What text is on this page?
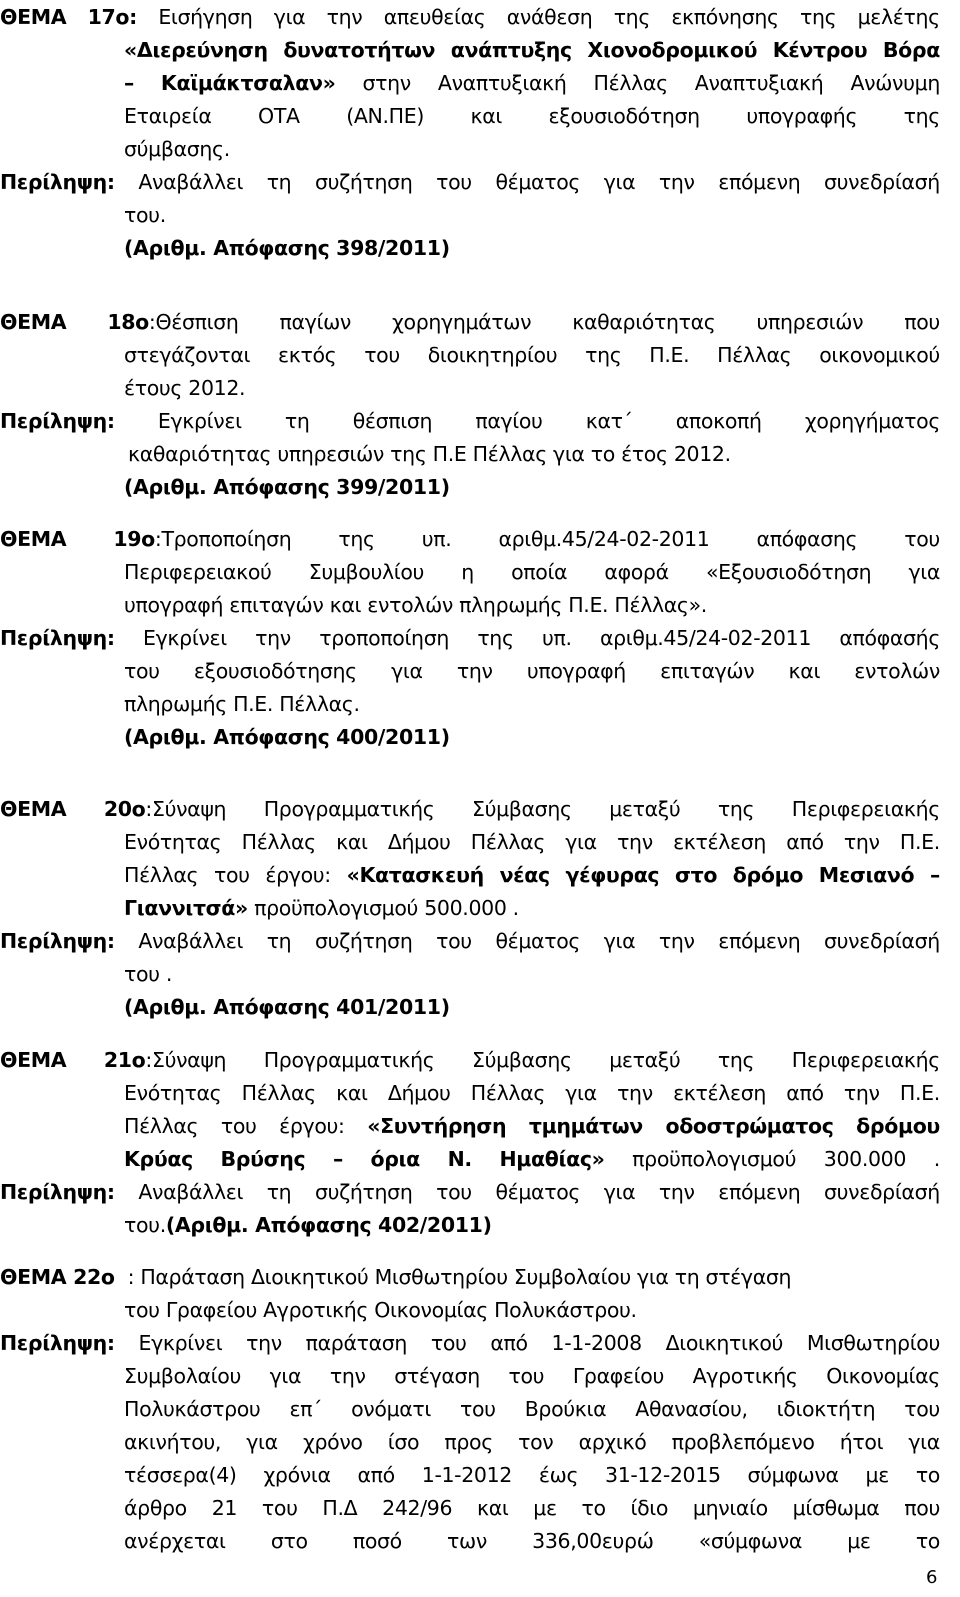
6
ΘΕΜΑ 17ο: Εισήγηση για την απευθείας ανάθεση της εκπόνησης της μελέτης
«Διερεύνηση δυνατοτήτων ανάπτυξης Χιονοδρομικού Κέντρου Βόρα
– Καϊμάκτσαλαν» στην Αναπτυξιακή Πέλλας Αναπτυξιακή Ανώνυμη
Εταιρεία ΟΤΑ (ΑΝ.ΠΕ) και εξουσιοδότηση υπογραφής της
σύμβασης.
Περίληψη: Αναβάλλει τη συζήτηση του θέματος για την επόμενη συνεδρίασή
του.
(Αριθμ. Απόφασης 398/2011)
ΘΕΜΑ 18ο:Θέσπιση παγίων χορηγημάτων καθαριότητας υπηρεσιών που
στεγάζονται εκτός του διοικητηρίου της Π.Ε. Πέλλας οικονομικού
έτους 2012.
Περίληψη: Εγκρίνει τη θέσπιση παγίου κατ΄ αποκοπή χορηγήματος
καθαριότητας υπηρεσιών της Π.Ε Πέλλας για το έτος 2012.
(Αριθμ. Απόφασης 399/2011)
ΘΕΜΑ 19ο:Τροποποίηση της υπ. αριθμ.45/24-02-2011 απόφασης του
Περιφερειακού Συμβουλίου η οποία αφορά «Εξουσιοδότηση για
υπογραφή επιταγών και εντολών πληρωμής Π.Ε. Πέλλας».
Περίληψη: Εγκρίνει την τροποποίηση της υπ. αριθμ.45/24-02-2011 απόφασής
του εξουσιοδότησης για την υπογραφή επιταγών και εντολών
πληρωμής Π.Ε. Πέλλας.
(Αριθμ. Απόφασης 400/2011)
ΘΕΜΑ 20ο:Σύναψη Προγραμματικής Σύμβασης μεταξύ της Περιφερειακής
Ενότητας Πέλλας και Δήμου Πέλλας για την εκτέλεση από την Π.Ε.
Πέλλας του έργου: «Κατασκευή νέας γέφυρας στο δρόμο Μεσιανό –
Γιαννιτσά» προϋπολογισμού 500.000 .
Περίληψη: Αναβάλλει τη συζήτηση του θέματος για την επόμενη συνεδρίασή
του .
(Αριθμ. Απόφασης 401/2011)
ΘΕΜΑ 21ο:Σύναψη Προγραμματικής Σύμβασης μεταξύ της Περιφερειακής
Ενότητας Πέλλας και Δήμου Πέλλας για την εκτέλεση από την Π.Ε.
Πέλλας του έργου: «Συντήρηση τμημάτων οδοστρώματος δρόμου
Κρύας Βρύσης – όρια Ν. Ημαθίας» προϋπολογισμού 300.000 .
Περίληψη: Αναβάλλει τη συζήτηση του θέματος για την επόμενη συνεδρίασή
του.(Αριθμ. Απόφασης 402/2011)
ΘΕΜΑ 22ο  : Παράταση Διοικητικού Μισθωτηρίου Συμβολαίου για τη στέγαση
του Γραφείου Αγροτικής Οικονομίας Πολυκάστρου.
Περίληψη: Εγκρίνει την παράταση του από 1-1-2008 Διοικητικού Μισθωτηρίου
Συμβολαίου για την στέγαση του Γραφείου Αγροτικής Οικονομίας
Πολυκάστρου επ΄ ονόματι του Βρούκια Αθανασίου, ιδιοκτήτη του
ακινήτου, για χρόνο ίσο προς τον αρχικό προβλεπόμενο ήτοι για
τέσσερα(4) χρόνια από 1-1-2012 έως 31-12-2015 σύμφωνα με το
άρθρο 21 του Π.Δ 242/96 και με το ίδιο μηνιαίο μίσθωμα που
ανέρχεται στο ποσό των 336,00ευρώ «σύμφωνα με το
